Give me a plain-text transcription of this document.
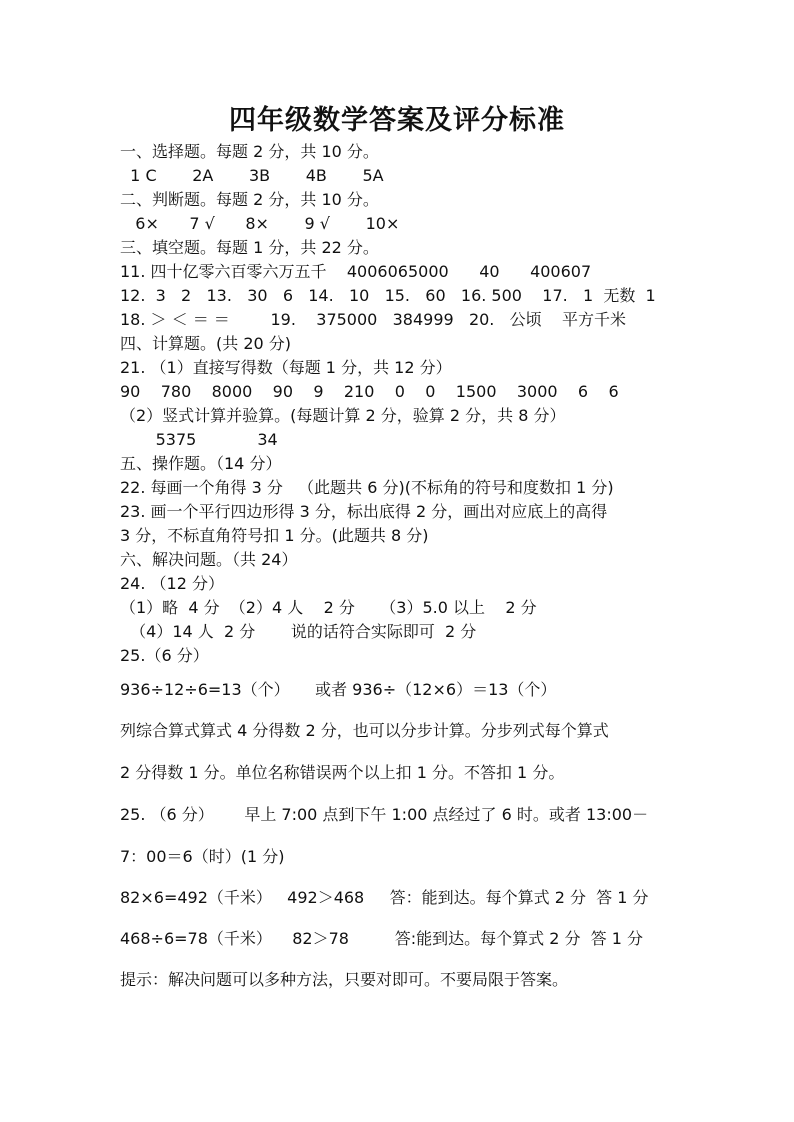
四年级数学答案及评分标准
一、选择题。每题 2 分，共 10 分。
1 C       2A       3B       4B       5A
二、判断题。每题 2 分，共 10 分。
6×      7 √      8×       9 √       10×
三、填空题。每题 1 分，共 22 分。
11. 四十亿零六百零六万五千    4006065000      40      400607
12.  3   2   13.   30   6   14.   10   15.   60   16. 500    17.   1  无数  1
18. ＞ ＜ ＝ ＝        19.    375000   384999   20.   公顷    平方千米
四、计算题。(共 20 分)
21. （1）直接写得数（每题 1 分，共 12 分）
90    780    8000    90    9    210    0    0    1500    3000    6    6
（2）竖式计算并验算。(每题计算 2 分，验算 2 分，共 8 分）
5375            34
五、操作题。（14 分）
22. 每画一个角得 3 分   （此题共 6 分)(不标角的符号和度数扣 1 分)
23. 画一个平行四边形得 3 分，标出底得 2 分，画出对应底上的高得
3 分，不标直角符号扣 1 分。(此题共 8 分)
六、解决问题。（共 24）
24. （12 分）
（1）略  4 分  （2）4 人    2 分     （3）5.0 以上    2 分
（4）14 人  2 分       说的话符合实际即可  2 分
25.（6 分）
936÷12÷6=13（个）     或者 936÷（12×6）＝13（个）
列综合算式算式 4 分得数 2 分，也可以分步计算。分步列式每个算式
2 分得数 1 分。单位名称错误两个以上扣 1 分。不答扣 1 分。
25. （6 分）      早上 7:00 点到下午 1:00 点经过了 6 时。或者 13:00－
7：00＝6（时）(1 分)
82×6=492（千米）   492＞468     答：能到达。每个算式 2 分  答 1 分
468÷6=78（千米）    82＞78         答:能到达。每个算式 2 分  答 1 分
提示：解决问题可以多种方法，只要对即可。不要局限于答案。
